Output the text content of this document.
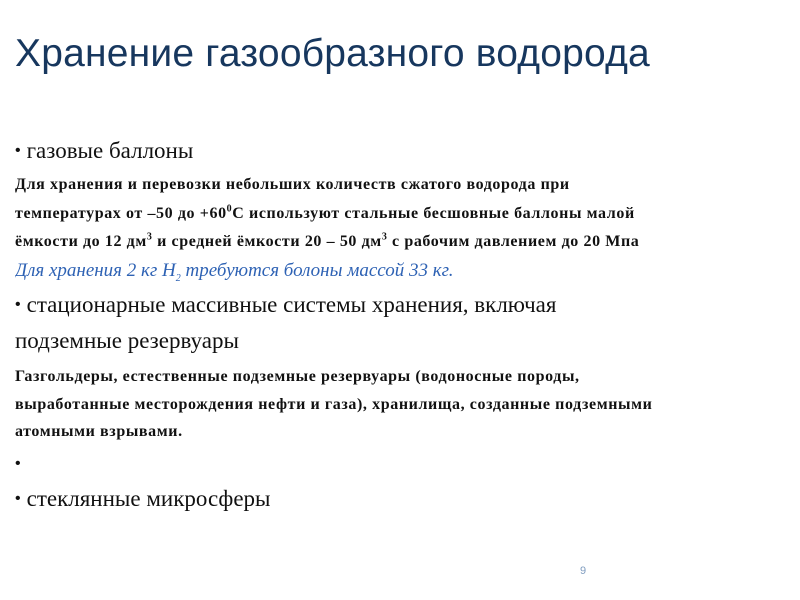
Хранение газообразного водорода
• газовые баллоны
Для хранения и перевозки небольших количеств сжатого водорода при
температурах от –50 до $+60^0С$ используют стальные бесшовные баллоны малой
ёмкости до 12 $дм^3$ и средней ёмкости 20 – 50 $дм^3$ с рабочим давлением до 20 Мпа
Для хранения 2 кг $Н_2$ требуются болоны массой 33 кг.
• стационарные массивные системы хранения, включая
подземные резервуары
Газгольдеры, естественные подземные резервуары (водоносные породы,
выработанные месторождения нефти и газа), хранилища, созданные подземными
атомными взрывами.
•
• стеклянные микросферы
9
